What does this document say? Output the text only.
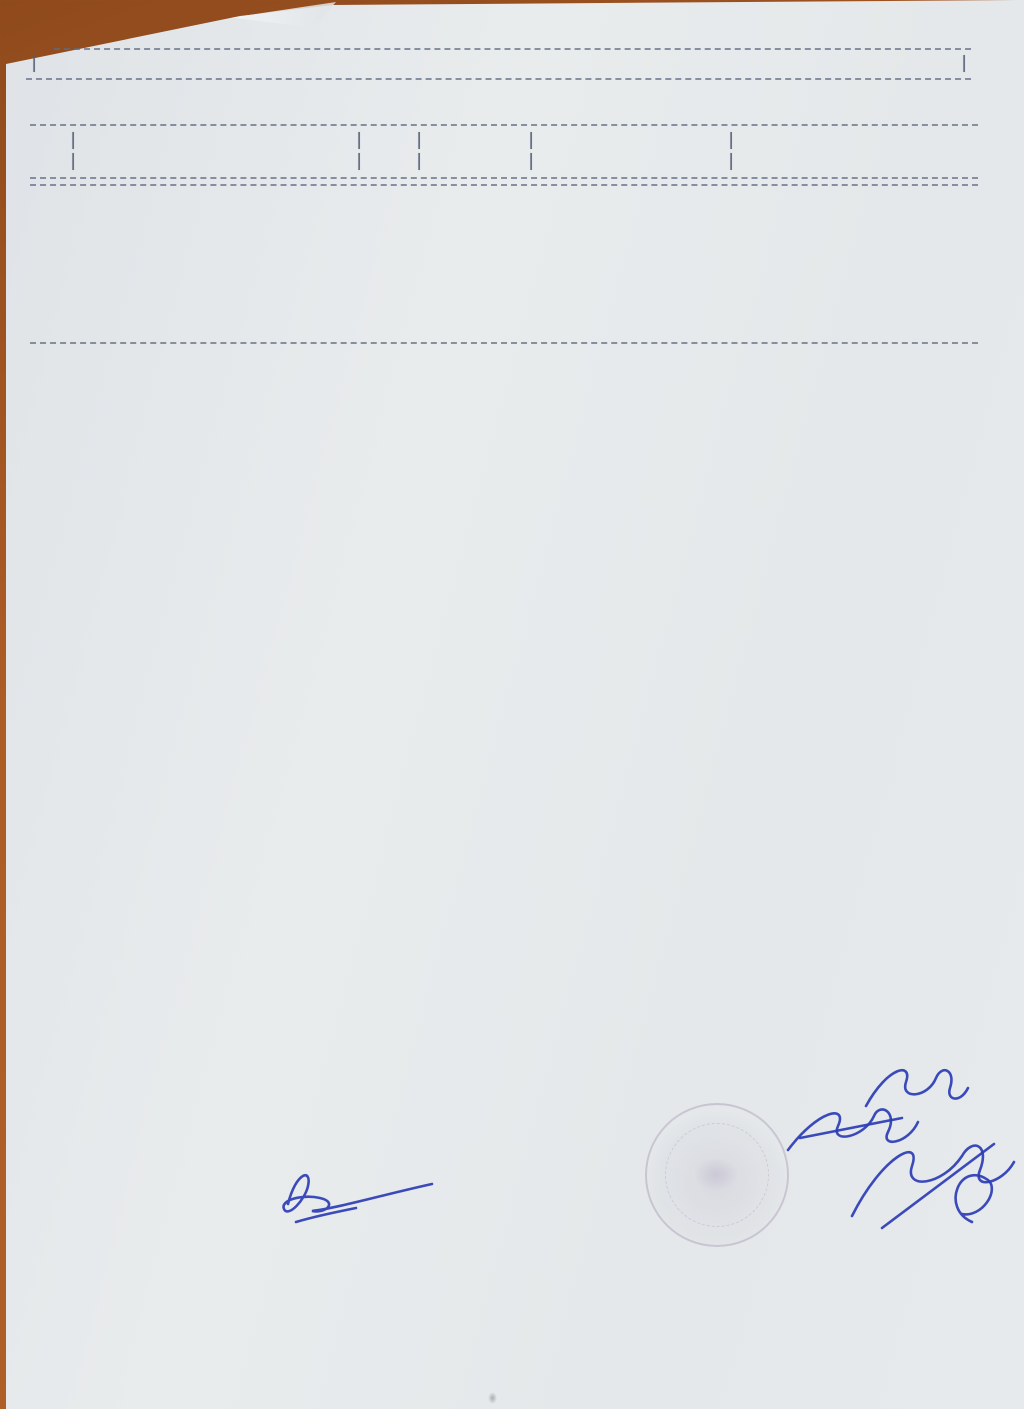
|

|
|
|
|
|
|
|
|
|
|
|
